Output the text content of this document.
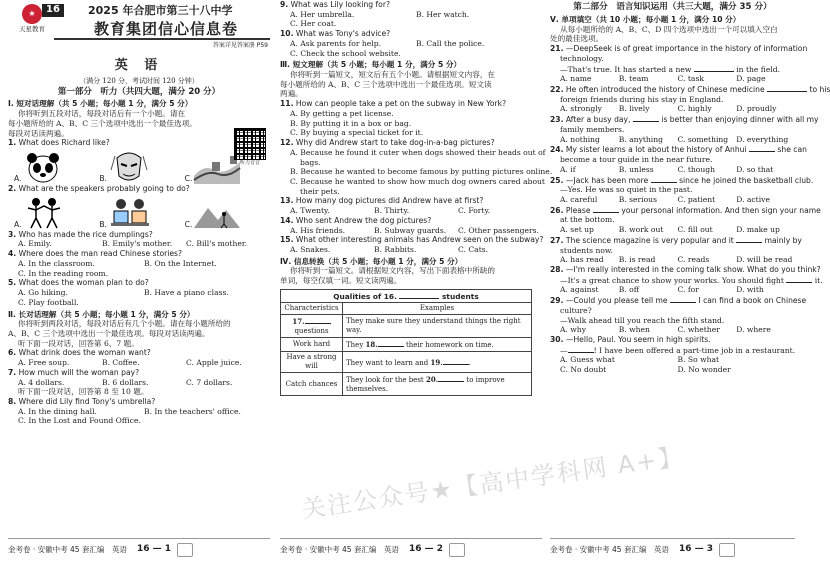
★
天星教育
16	2025 年合肥市第三十八中学
教育集团信心信息卷
答案详见答案册 P59
英 语
（满分 120 分，考试时间 120 分钟）
第一部分　听力（共四大题，满分 20 分）
听力音音
Ⅰ. 短对话理解（共 5 小题；每小题 1 分，满分 5 分）
你将听到五段对话，每段对话后有一个小题。请在
每小题所给的 A、B、C 三个选项中选出一个最佳选项。
每段对话读两遍。
1. What does Richard like?
A.	B.	C.
2. What are the speakers probably going to do?
A.	B.	C.
3. Who has made the rice dumplings?
A. Emily.	B. Emily's mother.	C. Bill's mother.
4. Where does the man read Chinese stories?
A. In the classroom.	B. On the Internet.
C. In the reading room.
5. What does the woman plan to do?
A. Go hiking.	B. Have a piano class.
C. Play football.
Ⅱ. 长对话理解（共 5 小题；每小题 1 分，满分 5 分）
你将听到两段对话，每段对话后有几个小题。请在每小题所给的
A、B、C 三个选项中选出一个最佳选项。每段对话读两遍。
听下面一段对话，回答第 6、7 题。
6. What drink does the woman want?
A. Free soup.	B. Coffee.	C. Apple juice.
7. How much will the woman pay?
A. 4 dollars.	B. 6 dollars.	C. 7 dollars.
听下面一段对话，回答第 8 至 10 题。
8. Where did Lily find Tony's umbrella?
A. In the dining hall.	B. In the teachers' office.
C. In the Lost and Found Office.
金考卷 · 安徽中考 45 套汇编　英语 16 — 1
9. What was Lily looking for?
A. Her umbrella.	B. Her watch.
C. Her coat.
10. What was Tony's advice?
A. Ask parents for help.	B. Call the police.
C. Check the school website.
Ⅲ. 短文理解（共 5 小题；每小题 1 分，满分 5 分）
你将听到一篇短文，短文后有五个小题。请根据短文内容，在
每小题所给的 A、B、C 三个选项中选出一个最佳选项。短文读
两遍。
11. How can people take a pet on the subway in New York?
A. By getting a pet license.
B. By putting it in a box or bag.
C. By buying a special ticket for it.
12. Why did Andrew start to take dog-in-a-bag pictures?
A. Because he found it cuter when dogs showed their heads out of
bags.
B. Because he wanted to become famous by putting pictures online.
C. Because he wanted to show how much dog owners cared about
their pets.
13. How many dog pictures did Andrew have at first?
A. Twenty.	B. Thirty.	C. Forty.
14. Who sent Andrew the dog pictures?
A. His friends.	B. Subway guards.	C. Other passengers.
15. What other interesting animals has Andrew seen on the subway?
A. Snakes.	B. Rabbits.	C. Cats.
Ⅳ. 信息转换（共 5 小题；每小题 1 分，满分 5 分）
你将听到一篇短文。请根据短文内容，写出下面表格中所缺的
单词，每空仅填一词。短文读两遍。
Qualities of 16. students	
Characteristics	Examples
17.
questions	They make sure they understand things the right way.
Work hard	They 18. their homework on time.
Have a strong will	They want to learn and 19. .
Catch chances	They look for the best 20. to improve themselves.
金考卷 · 安徽中考 45 套汇编　英语 16 — 2
第二部分　语言知识运用（共三大题，满分 35 分）
Ⅴ. 单项填空（共 10 小题；每小题 1 分，满分 10 分）
从每小题所给的 A、B、C、D 四个选项中选出一个可以填入空白
处的最佳选项。
21. —DeepSeek is of great importance in the history of information
technology.
—That's true. It has started a new	in the field.
A. name	B. team	C. task	D. page
22. He often introduced the history of Chinese medicine	to his
foreign friends during his stay in England.
A. strongly	B. lively	C. highly	D. proudly
23. After a busy day,	is better than enjoying dinner with all my
family members.
A. nothing	B. anything	C. something	D. everything
24. My sister learns a lot about the history of Anhui	she can
become a tour guide in the near future.
A. if	B. unless	C. though	D. so that
25. —Jack has been more	since he joined the basketball club.
—Yes. He was so quiet in the past.
A. careful	B. serious	C. patient	D. active
26. Please	your personal information. And then sign your name
at the bottom.
A. set up	B. work out	C. fill out	D. make up
27. The science magazine is very popular and it	mainly by
students now.
A. has read	B. is read	C. reads	D. will be read
28. —I'm really interested in the coming talk show. What do you think?
—It's a great chance to show your works. You should fight	it.
A. against	B. off	C. for	D. with
29. —Could you please tell me	I can find a book on Chinese
culture?
—Walk ahead till you reach the fifth stand.
A. why	B. when	C. whether	D. where
30. —Hello, Paul. You seem in high spirits.
—	! I have been offered a part-time job in a restaurant.
A. Guess what	B. So what
C. No doubt	D. No wonder
金考卷 · 安徽中考 45 套汇编　英语 16 — 3
关注公众号★【高中学科网 A+】
